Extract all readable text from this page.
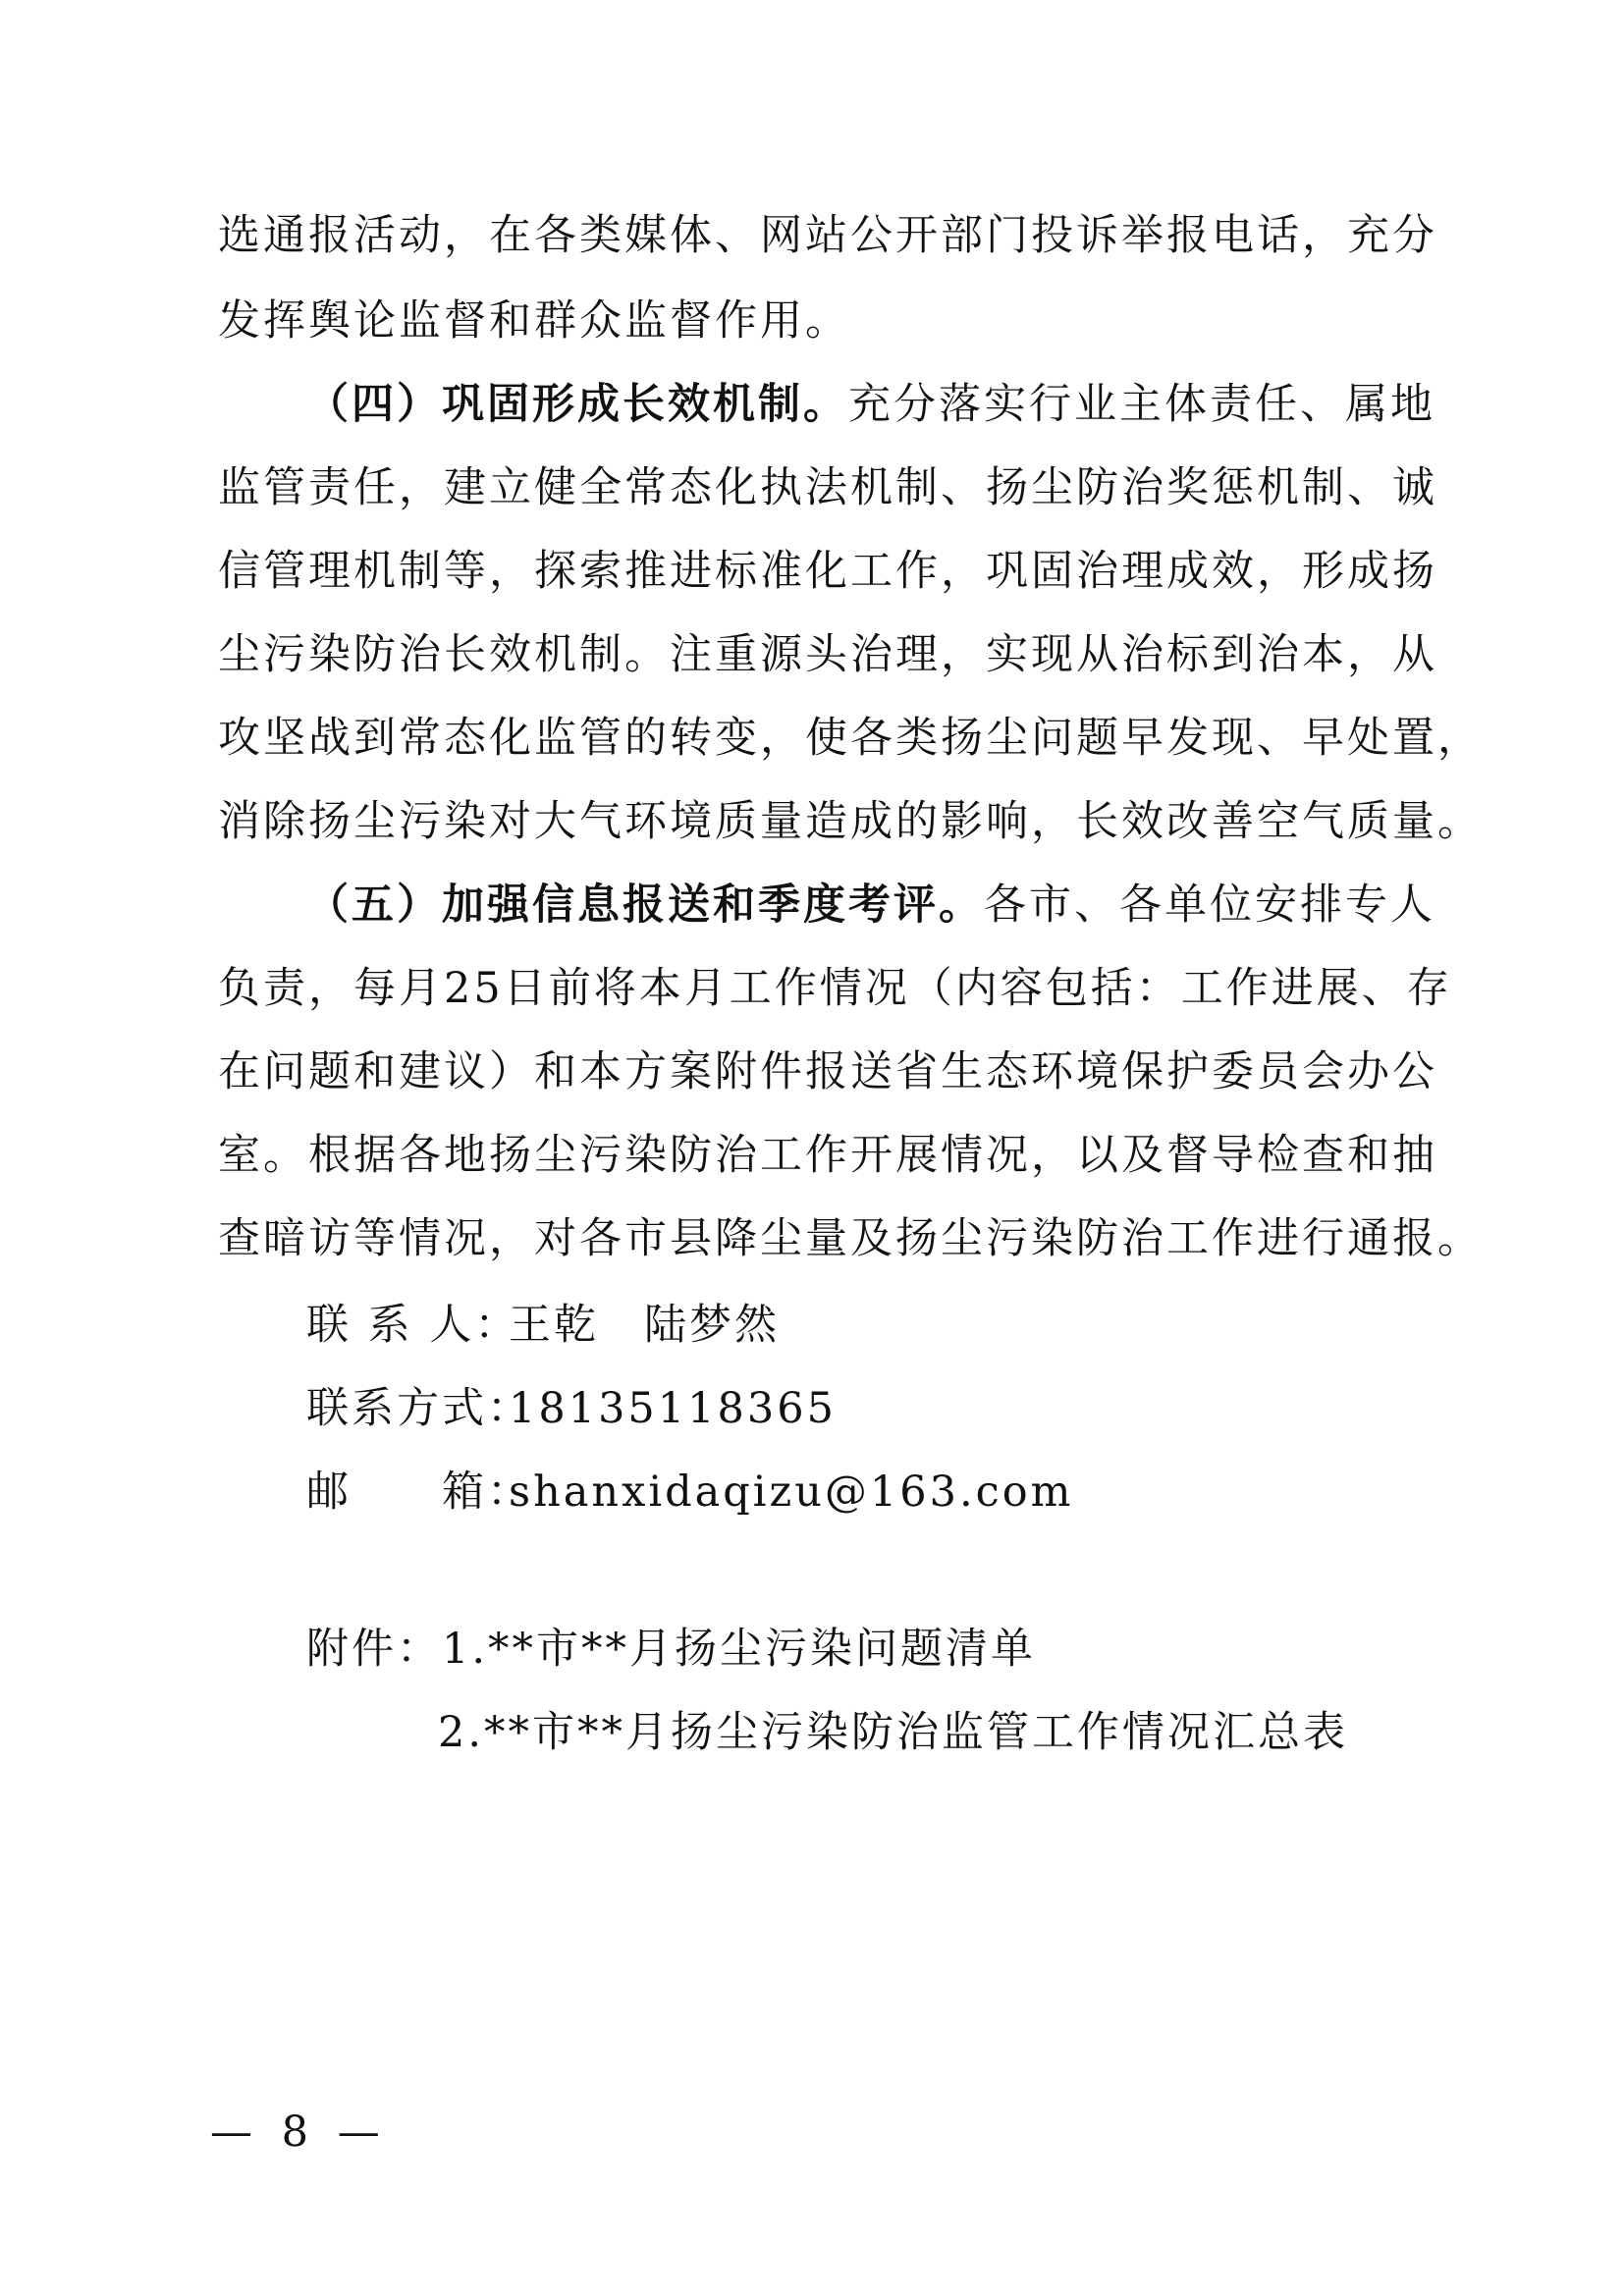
选通报活动，在各类媒体、网站公开部门投诉举报电话，充分
发挥舆论监督和群众监督作用。
（四）巩固形成长效机制。充分落实行业主体责任、属地
监管责任，建立健全常态化执法机制、扬尘防治奖惩机制、诚
信管理机制等，探索推进标准化工作，巩固治理成效，形成扬
尘污染防治长效机制。注重源头治理，实现从治标到治本，从
攻坚战到常态化监管的转变，使各类扬尘问题早发现、早处置，
消除扬尘污染对大气环境质量造成的影响，长效改善空气质量。
（五）加强信息报送和季度考评。各市、各单位安排专人
负责，每月25日前将本月工作情况（内容包括：工作进展、存
在问题和建议）和本方案附件报送省生态环境保护委员会办公
室。根据各地扬尘污染防治工作开展情况，以及督导检查和抽
查暗访等情况，对各市县降尘量及扬尘污染防治工作进行通报。
联 系 人：王乾　陆梦然
联系方式：18135118365
邮　　箱：shanxidaqizu@163.com
附件：1.**市**月扬尘污染问题清单
2.**市**月扬尘污染防治监管工作情况汇总表
— 8 —
